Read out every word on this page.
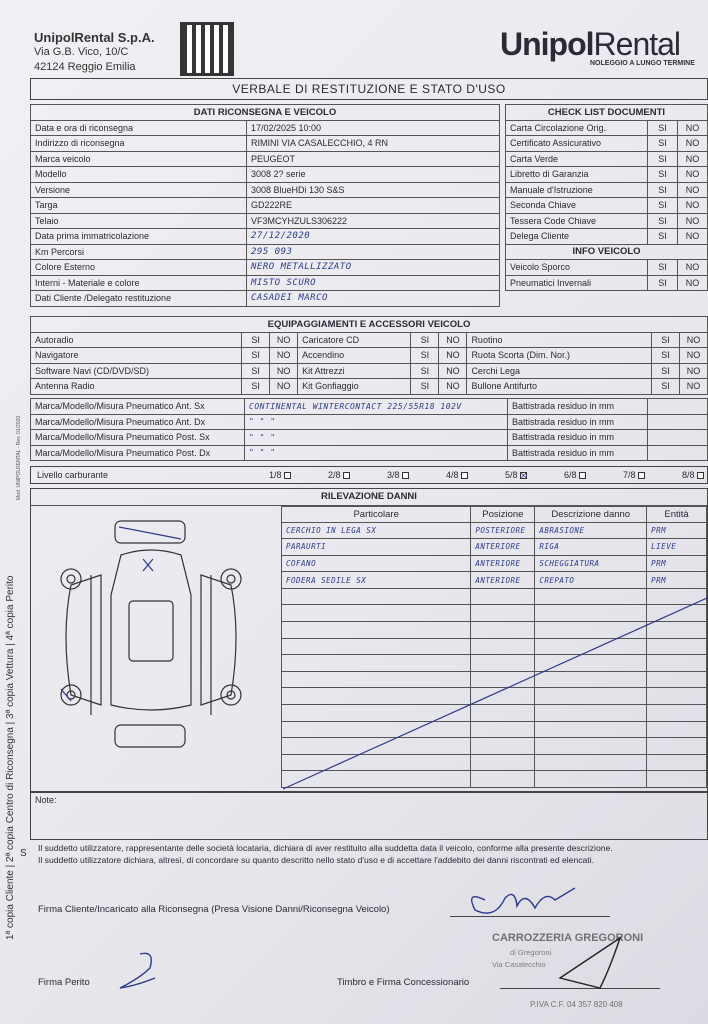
UnipolRental S.p.A.
Via G.B. Vico, 10/C
42124 Reggio Emilia
UnipolRental
NOLEGGIO A LUNGO TERMINE
VERBALE DI RESTITUZIONE E STATO D'USO
DATI RICONSEGNA E VEICOLO	
Data e ora di riconsegna	17/02/2025 10:00
Indirizzo di riconsegna	RIMINI VIA CASALECCHIO, 4 RN
Marca veicolo	PEUGEOT
Modello	3008 2? serie
Versione	3008 BlueHDi 130 S&S
Targa	GD222RE
Telaio	VF3MCYHZULS306222
Data prima immatricolazione	27/12/2020
Km Percorsi	295 093
Colore Esterno	NERO METALLIZZATO
Interni - Materiale e colore	MISTO SCURO
Dati Cliente /Delegato restituzione	CASADEI MARCO
CHECK LIST DOCUMENTI		
Carta Circolazione Orig.	SI	NO
Certificato Assicurativo	SI	NO
Carta Verde	SI	NO
Libretto di Garanzia	SI	NO
Manuale d'Istruzione	SI	NO
Seconda Chiave	SI	NO
Tessera Code Chiave	SI	NO
Delega Cliente	SI	NO
INFO VEICOLO		
Veicolo Sporco	SI	NO
Pneumatici Invernali	SI	NO
EQUIPAGGIAMENTI E ACCESSORI VEICOLO								
Autoradio	SI	NO	Caricatore CD	SI	NO	Ruotino	SI	NO
Navigatore	SI	NO	Accendino	SI	NO	Ruota Scorta (Dim. Nor.)	SI	NO
Software Navi (CD/DVD/SD)	SI	NO	Kit Attrezzi	SI	NO	Cerchi Lega	SI	NO
Antenna Radio	SI	NO	Kit Gonfiaggio	SI	NO	Bullone Antifurto	SI	NO
Marca/Modello/Misura Pneumatico Ant. Sx	CONTINENTAL WINTERCONTACT 225/55R18 102V	Battistrada residuo in mm	
Marca/Modello/Misura Pneumatico Ant. Dx	" " "	Battistrada residuo in mm	
Marca/Modello/Misura Pneumatico Post. Sx	" " "	Battistrada residuo in mm	
Marca/Modello/Misura Pneumatico Post. Dx	" " "	Battistrada residuo in mm	
Livello carburante	1/8	2/8	3/8	4/8	5/8	6/8	7/8	8/8
RILEVAZIONE DANNI
Particolare	Posizione	Descrizione danno	Entità
CERCHIO IN LEGA SX	POSTERIORE	ABRASIONE	PRM
PARAURTI	ANTERIORE	RIGA	LIEVE
COFANO	ANTERIORE	SCHEGGIATURA	PRM
FODERA SEDILE SX	ANTERIORE	CREPATO	PRM

Note:
Il suddetto utilizzatore, rappresentante delle società locataria, dichiara di aver restituito alla suddetta data il veicolo, conforme alla presente descrizione.
Il suddetto utilizzatore dichiara, altresì, di concordare su quanto descritto nello stato d'uso e di accettare l'addebito dei danni riscontrati ed elencati.
Firma Cliente/Incaricato alla Riconsegna (Presa Visione Danni/Riconsegna Veicolo)
Firma Perito	Timbro e Firma Concessionario
CARROZZERIA GREGORONI
di Gregoroni
Via Casalecchio
P.IVA C.F. 04 357 820 408
1ª copia Cliente | 2ª copia Centro di Riconsegna | 3ª copia Vettura | 4ª copia Perito
Mod. UNIPOLRENTAL - Rev. 01/2020
S
